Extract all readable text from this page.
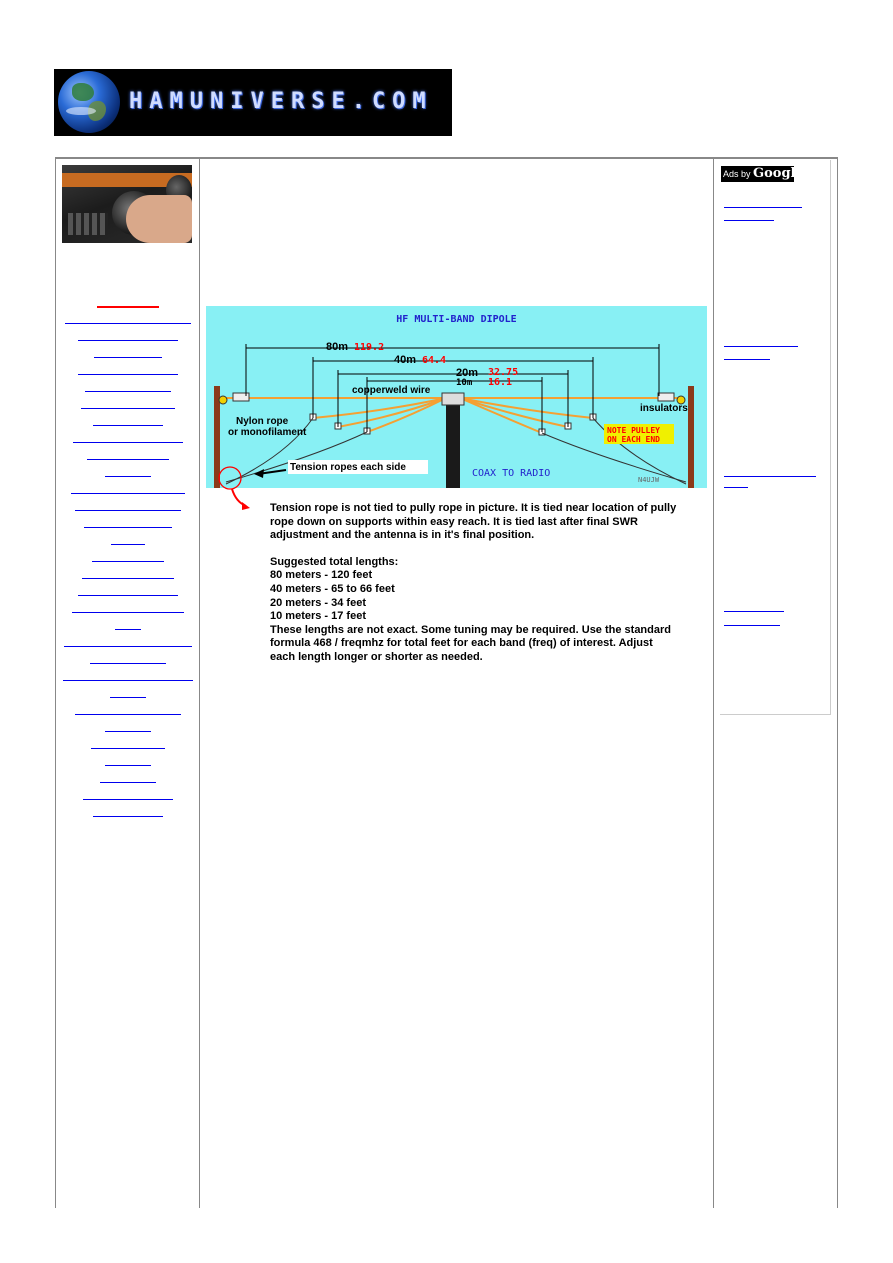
HAMUNIVERSE.COM
HF MULTI-BAND DIPOLE
80m 119.2
40m 64.4
20m 32.75
10m 16.1
copperweld wire
Nylon rope
or monofilament
insulators
NOTE PULLEY
ON EACH END
Tension ropes each side
COAX TO RADIO
N4UJW

Tension rope is not tied to pully rope in picture. It is tied near location of pully rope down on supports within easy reach. It is tied last after final SWR adjustment and the antenna is in it's final position.

Suggested total lengths:

80 meters - 120 feet

40 meters - 65 to 66 feet

20 meters - 34 feet

10 meters - 17 feet

These lengths are not exact. Some tuning may be required. Use the standard formula 468 / freqmhz for total feet for each band (freq) of interest. Adjust each length longer or shorter as needed.

Ads by Google
